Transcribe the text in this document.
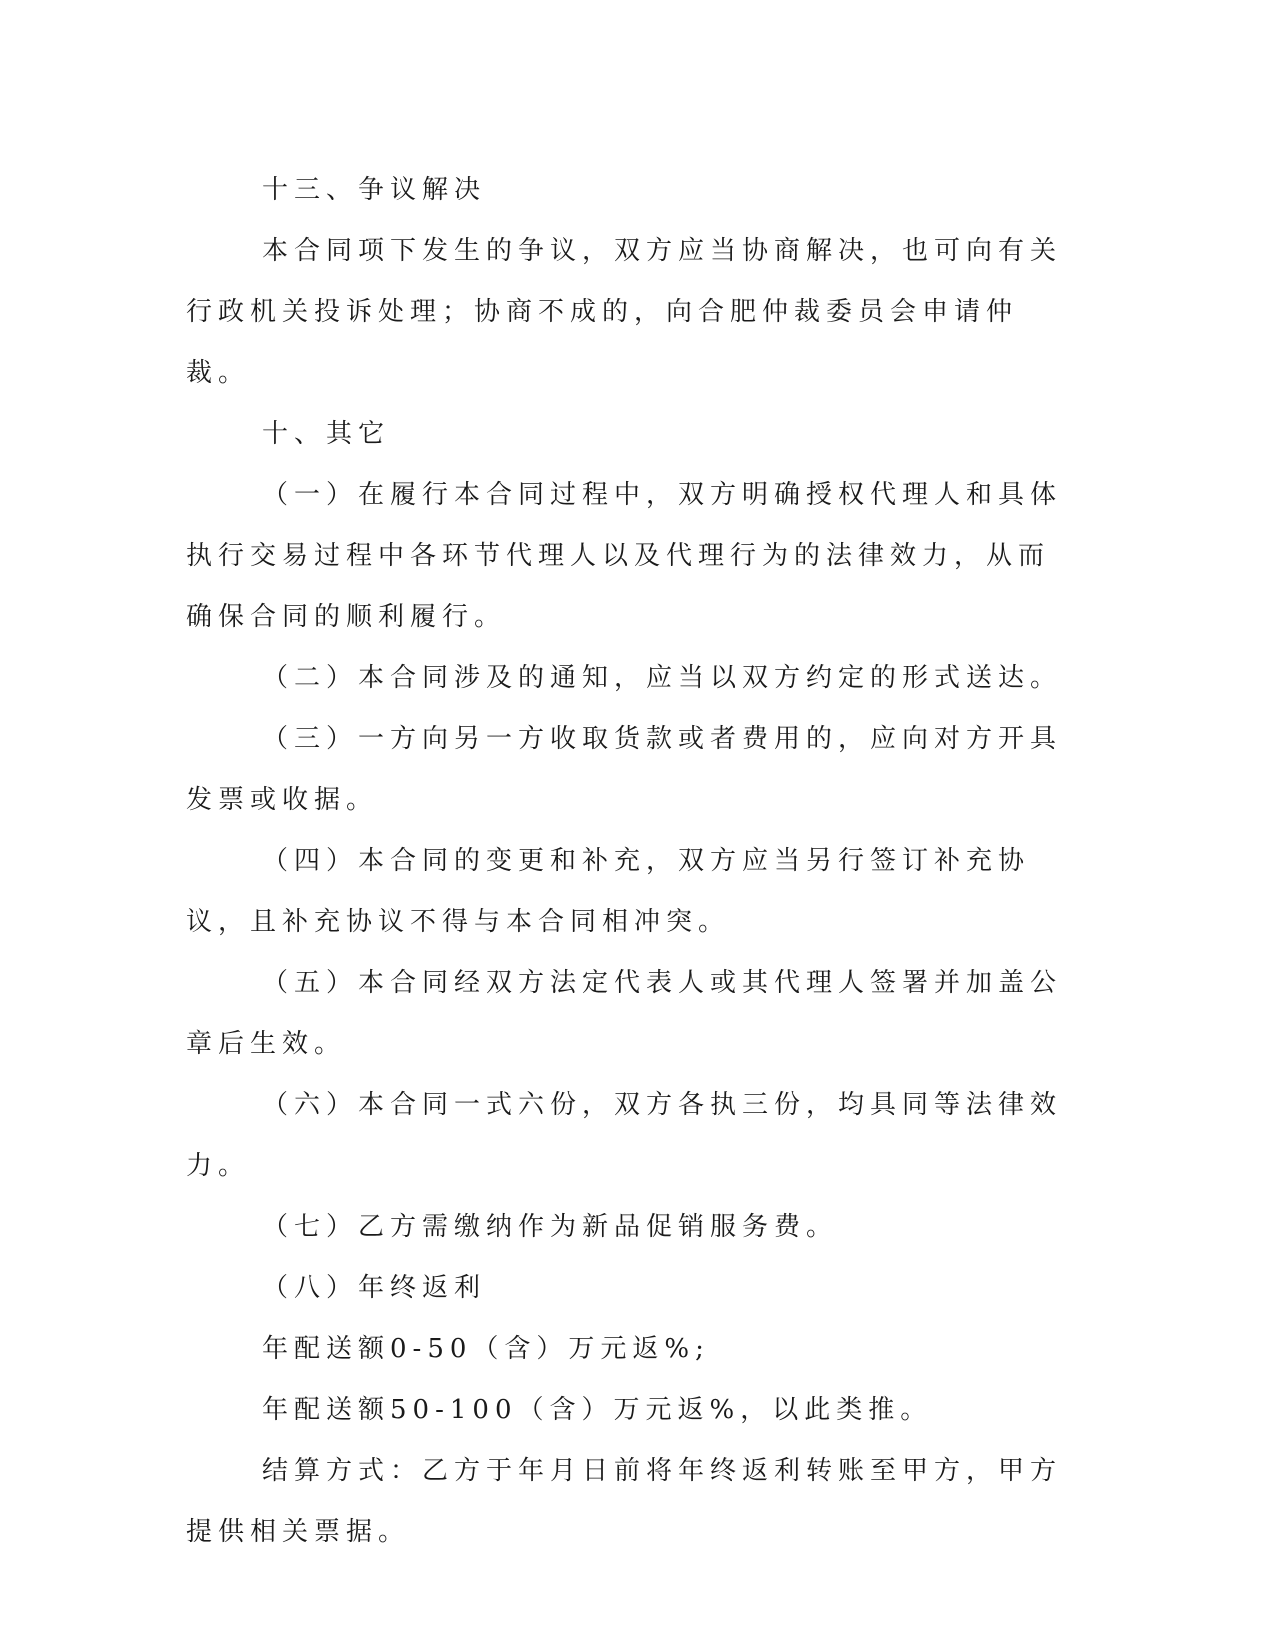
十三、争议解决

本合同项下发生的争议，双方应当协商解决，也可向有关行政机关投诉处理；协商不成的，向合肥仲裁委员会申请仲裁。

十、其它

（一）在履行本合同过程中，双方明确授权代理人和具体执行交易过程中各环节代理人以及代理行为的法律效力，从而确保合同的顺利履行。

（二）本合同涉及的通知，应当以双方约定的形式送达。

（三）一方向另一方收取货款或者费用的，应向对方开具发票或收据。

（四）本合同的变更和补充，双方应当另行签订补充协议，且补充协议不得与本合同相冲突。

（五）本合同经双方法定代表人或其代理人签署并加盖公章后生效。

（六）本合同一式六份，双方各执三份，均具同等法律效力。

（七）乙方需缴纳作为新品促销服务费。

（八）年终返利

年配送额0-50（含）万元返%;

年配送额50-100（含）万元返%，以此类推。

结算方式：乙方于年月日前将年终返利转账至甲方，甲方提供相关票据。
